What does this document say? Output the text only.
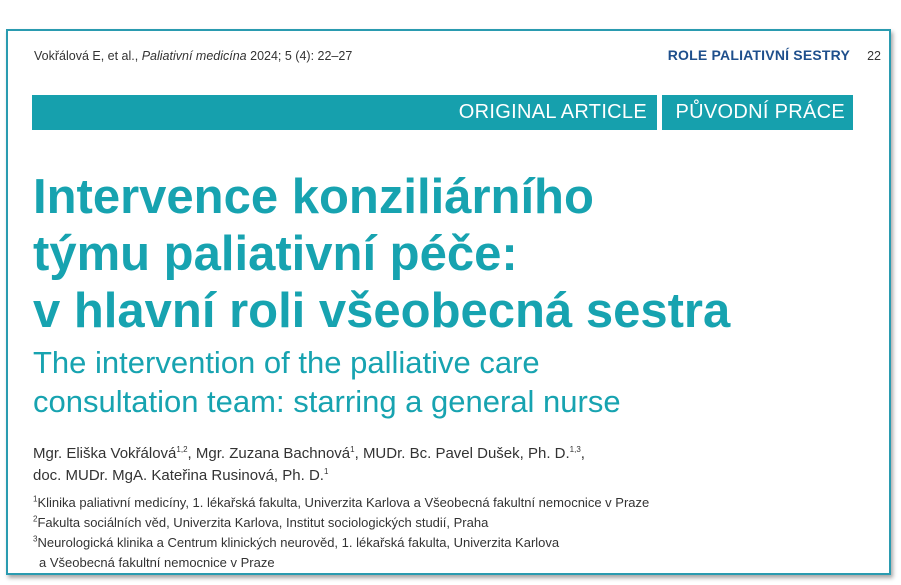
Vokřálová E, et al., Paliativní medicína 2024; 5 (4): 22–27	ROLE PALIATIVNÍ SESTRY 22
ORIGINAL ARTICLE PŮVODNÍ PRÁCE
Intervence konziliárního
týmu paliativní péče:
v hlavní roli všeobecná sestra
The intervention of the palliative care
consultation team: starring a general nurse
Mgr. Eliška Vokřálová$^{1,2}$, Mgr. Zuzana Bachnová$^1$, MUDr. Bc. Pavel Dušek, Ph. D.$^{1,3}$,
doc. MUDr. MgA. Kateřina Rusinová, Ph. D.$^1$
$^1$Klinika paliativní medicíny, 1. lékařská fakulta, Univerzita Karlova a Všeobecná fakultní nemocnice v Praze
$^2$Fakulta sociálních věd, Univerzita Karlova, Institut sociologických studií, Praha
$^3$Neurologická klinika a Centrum klinických neurověd, 1. lékařská fakulta, Univerzita Karlova
a Všeobecná fakultní nemocnice v Praze
